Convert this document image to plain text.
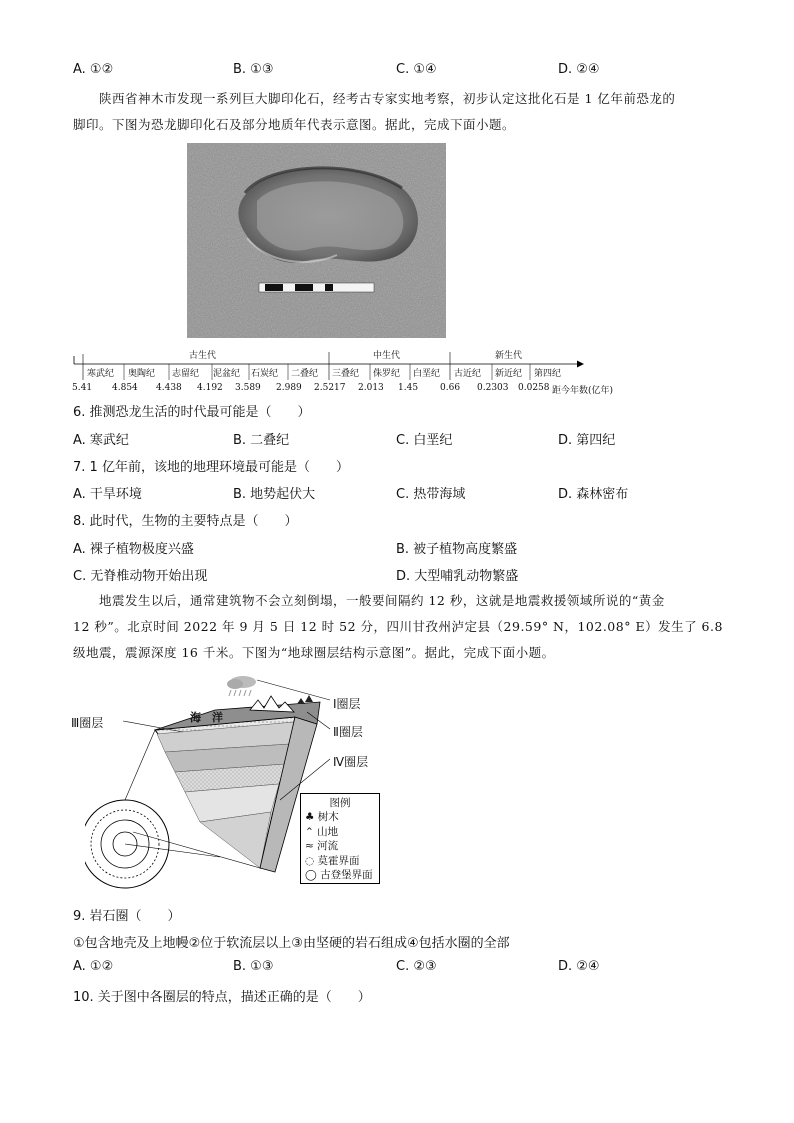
A. ①②	B. ①③	C. ①④	D. ②④
陕西省神木市发现一系列巨大脚印化石，经考古专家实地考察，初步认定这批化石是 1 亿年前恐龙的
脚印。下图为恐龙脚印化石及部分地质年代表示意图。据此，完成下面小题。
古生代	中生代	新生代
寒武纪 奥陶纪 志留纪 泥盆纪 石炭纪 二叠纪 三叠纪 侏罗纪 白垩纪 古近纪 新近纪 第四纪
5.41 4.854 4.438 4.192 3.589 2.989 2.5217 2.013 1.45 0.66 0.2303 0.0258 距今年数(亿年)
6. 推测恐龙生活的时代最可能是（　　）
A. 寒武纪	B. 二叠纪	C. 白垩纪	D. 第四纪
7. 1 亿年前，该地的地理环境最可能是（　　）
A. 干旱环境	B. 地势起伏大	C. 热带海域	D. 森林密布
8. 此时代，生物的主要特点是（　　）
A. 裸子植物极度兴盛	B. 被子植物高度繁盛
C. 无脊椎动物开始出现	D. 大型哺乳动物繁盛
地震发生以后，通常建筑物不会立刻倒塌，一般要间隔约 12 秒，这就是地震救援领域所说的“黄金
12 秒”。北京时间 2022 年 9 月 5 日 12 时 52 分，四川甘孜州泸定县（29.59° N，102.08° E）发生了 6.8
级地震，震源深度 16 千米。下图为“地球圈层结构示意图”。据此，完成下面小题。
海　洋
Ⅰ圈层
Ⅱ圈层
Ⅲ圈层
Ⅳ圈层
图例
♣ 树木
⌃ 山地
≈ 河流
◌ 莫霍界面
◯ 古登堡界面
9. 岩石圈（　　）
①包含地壳及上地幔②位于软流层以上③由坚硬的岩石组成④包括水圈的全部
A. ①②	B. ①③	C. ②③	D. ②④
10. 关于图中各圈层的特点，描述正确的是（　　）
